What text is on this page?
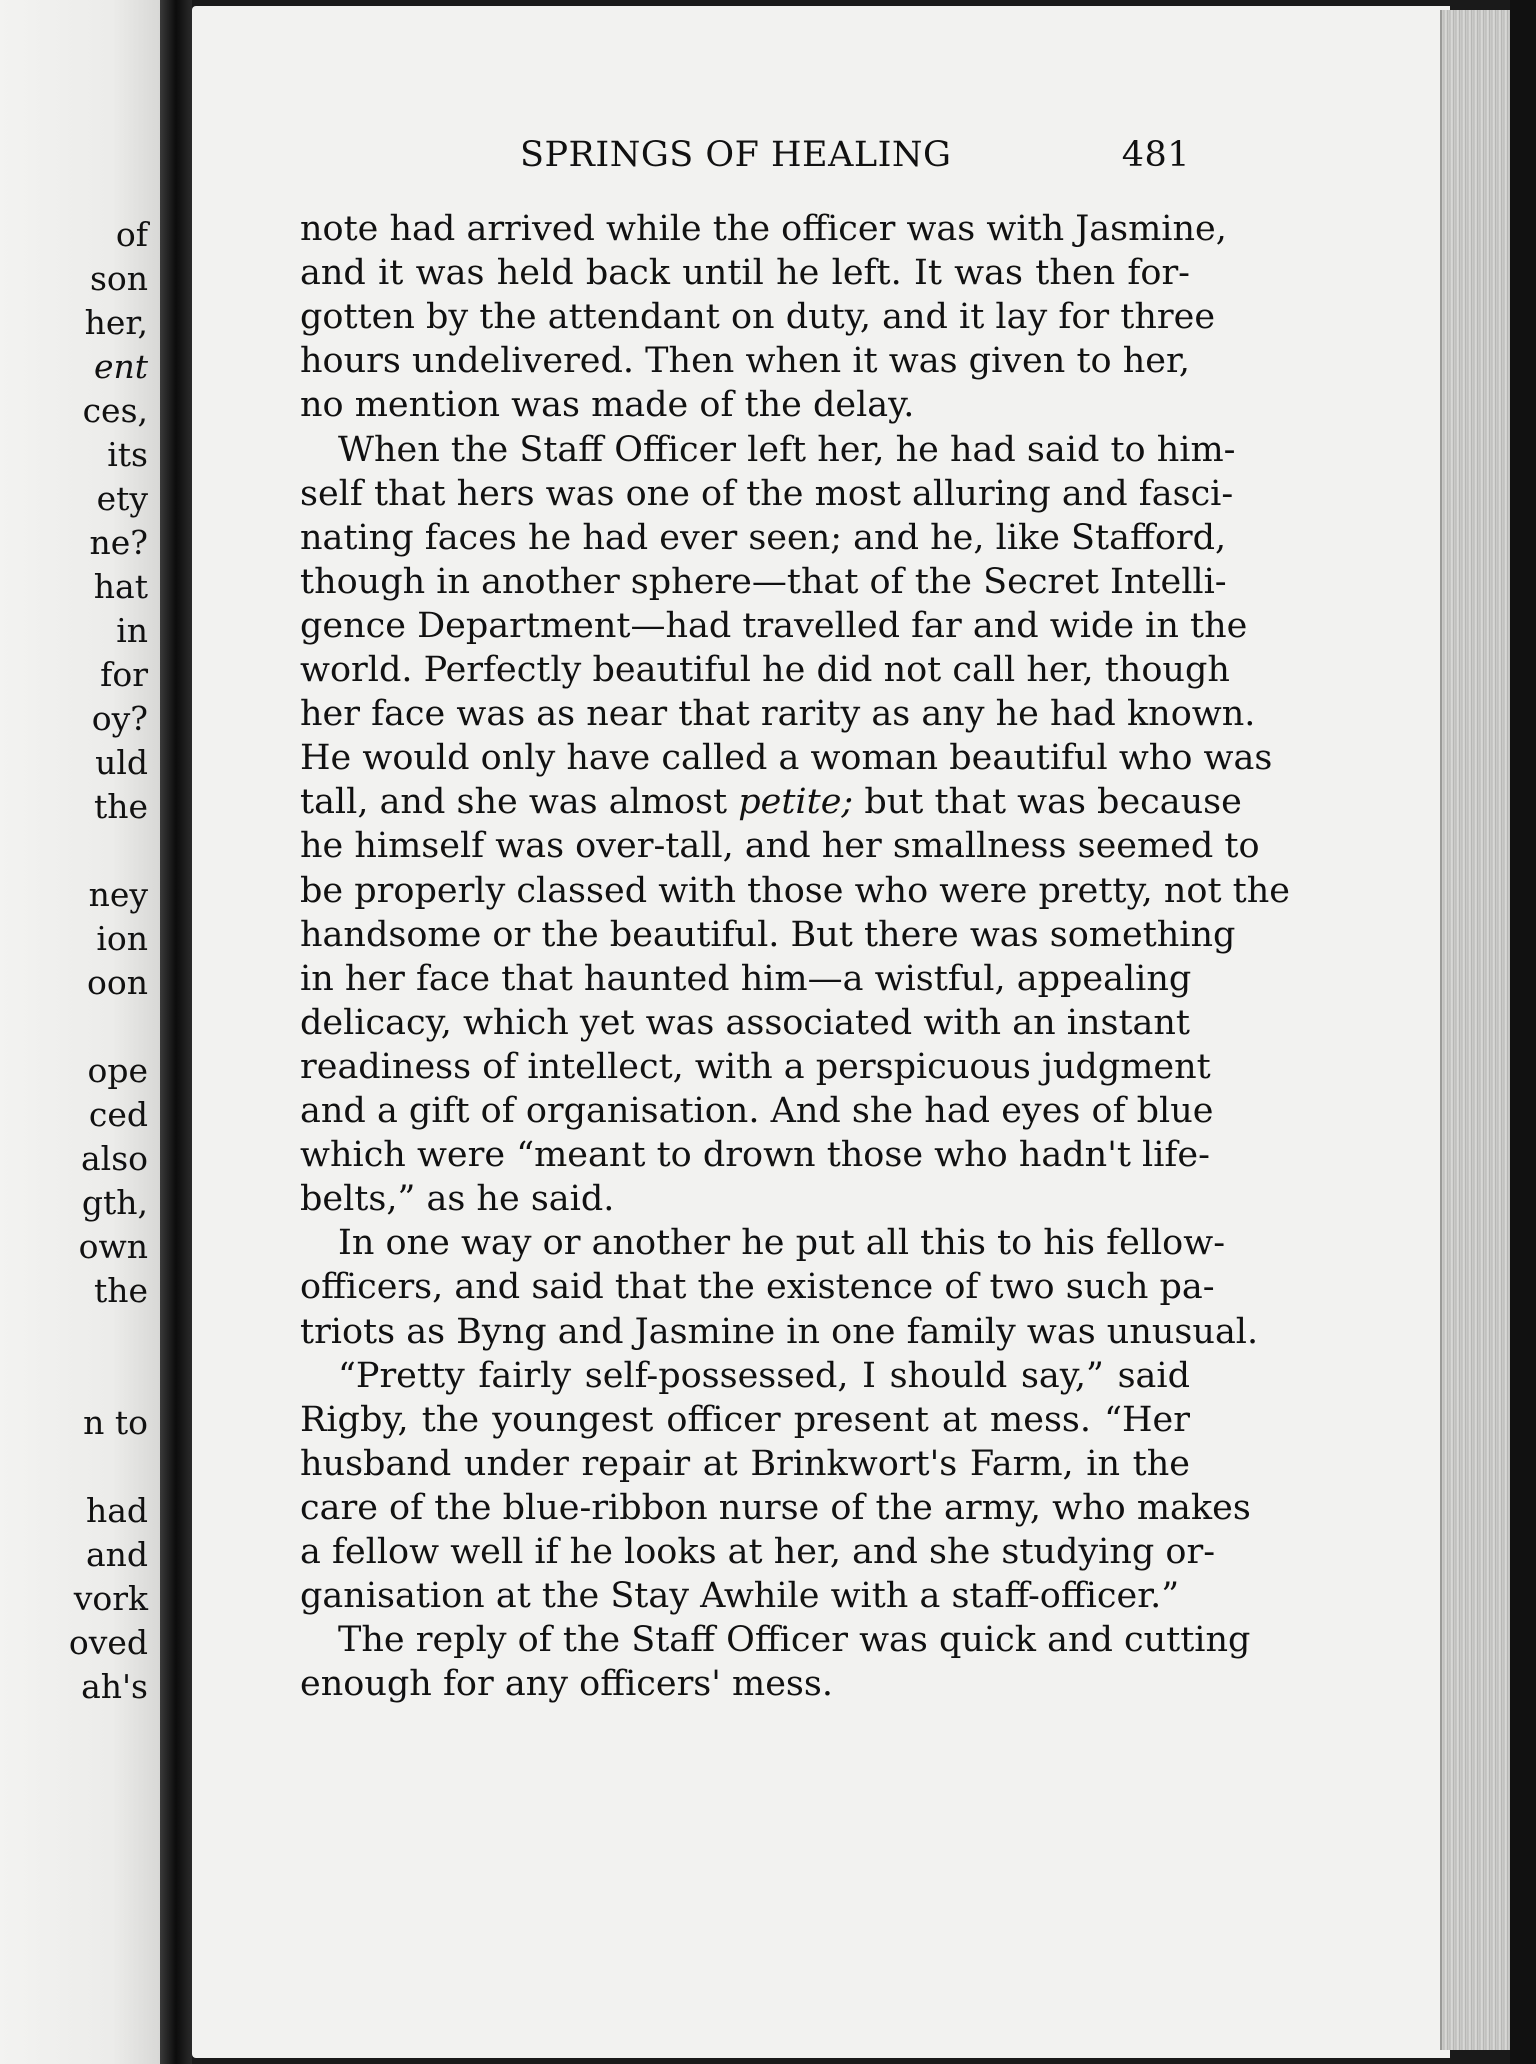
of
son
her,
ent
ces,
its
ety
ne?
hat
in
for
oy?
uld
the
ney
ion
oon
ope
ced
also
gth,
own
the
n to
had
and
vork
oved
ah's
SPRINGS OF HEALING	481
note had arrived while the officer was with Jasmine,
and it was held back until he left. It was then for-
gotten by the attendant on duty, and it lay for three
hours undelivered. Then when it was given to her,
no mention was made of the delay.
When the Staff Officer left her, he had said to him-
self that hers was one of the most alluring and fasci-
nating faces he had ever seen; and he, like Stafford,
though in another sphere—that of the Secret Intelli-
gence Department—had travelled far and wide in the
world. Perfectly beautiful he did not call her, though
her face was as near that rarity as any he had known.
He would only have called a woman beautiful who was
tall, and she was almost petite; but that was because
he himself was over-tall, and her smallness seemed to
be properly classed with those who were pretty, not the
handsome or the beautiful. But there was something
in her face that haunted him—a wistful, appealing
delicacy, which yet was associated with an instant
readiness of intellect, with a perspicuous judgment
and a gift of organisation. And she had eyes of blue
which were “meant to drown those who hadn't life-
belts,” as he said.
In one way or another he put all this to his fellow-
officers, and said that the existence of two such pa-
triots as Byng and Jasmine in one family was unusual.
“Pretty fairly self-possessed, I should say,” said
Rigby, the youngest officer present at mess. “Her
husband under repair at Brinkwort's Farm, in the
care of the blue-ribbon nurse of the army, who makes
a fellow well if he looks at her, and she studying or-
ganisation at the Stay Awhile with a staff-officer.”
The reply of the Staff Officer was quick and cutting
enough for any officers' mess.
